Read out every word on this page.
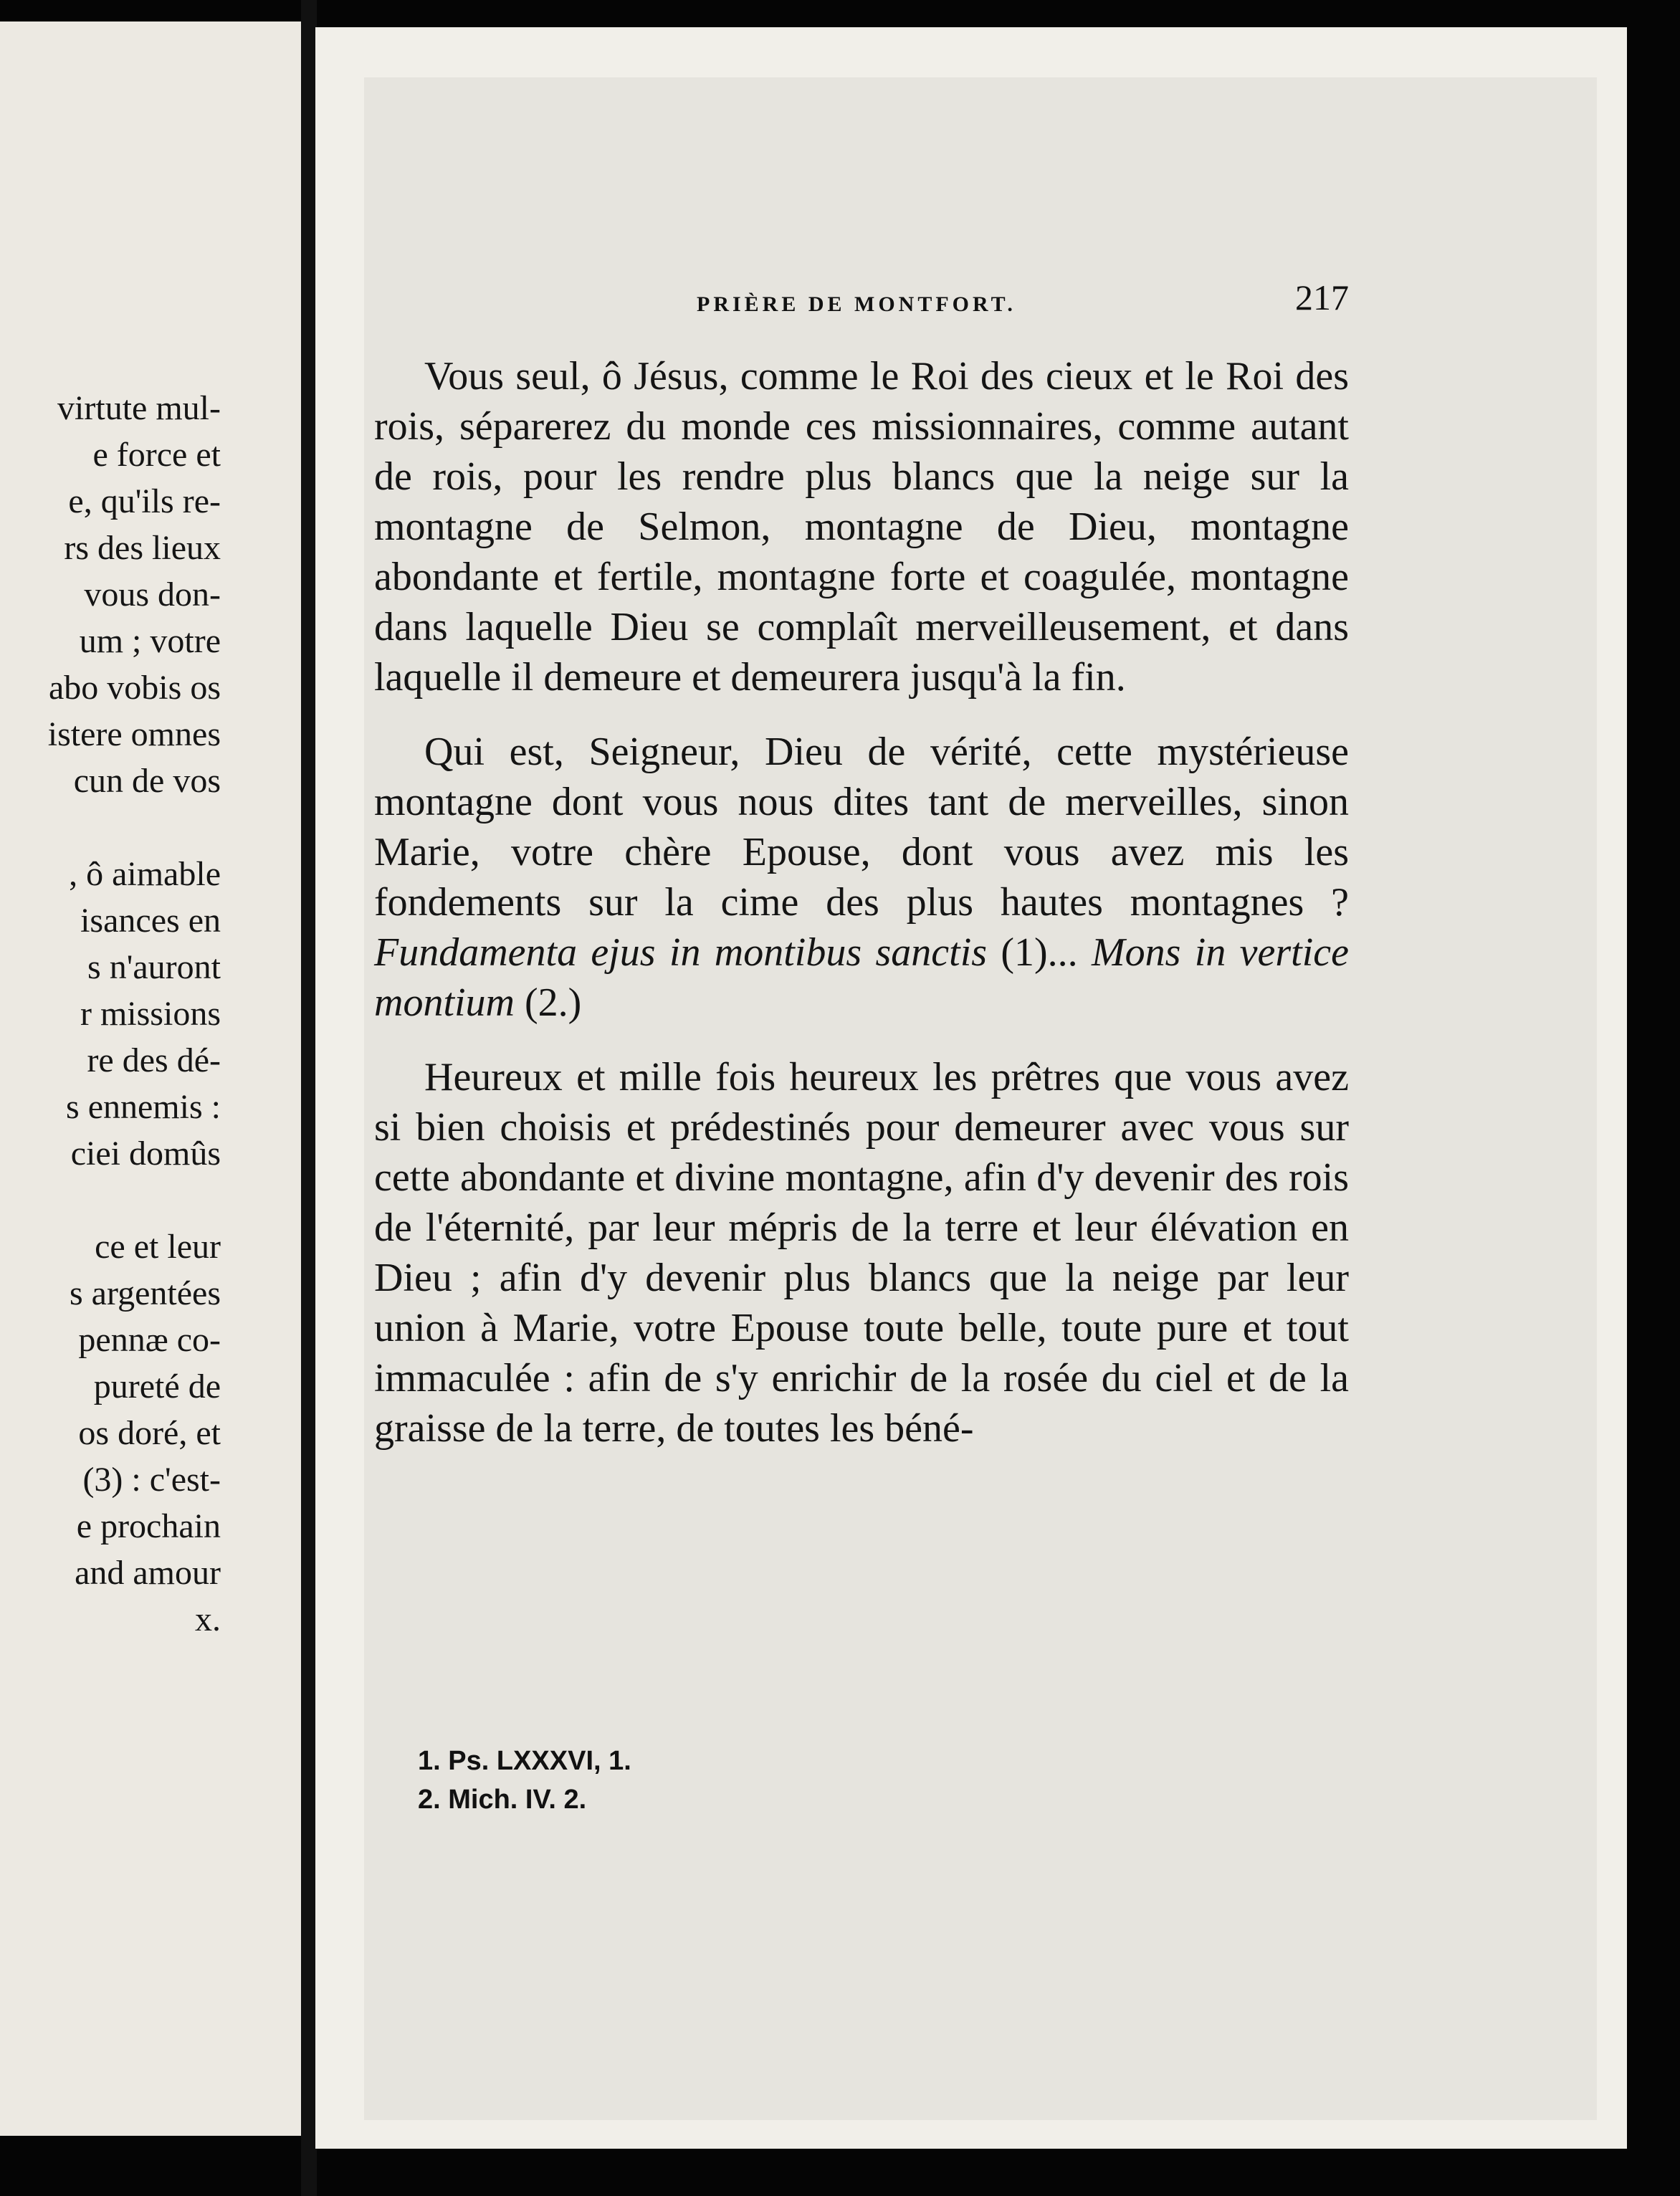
virtute mul-
e force et
e, qu'ils re-
rs des lieux
vous don-
um ; votre
abo vobis os
istere omnes
cun de vos
, ô aimable
isances en
s n'auront
r missions
re des dé-
s ennemis :
ciei domûs
ce et leur
s argentées
pennæ co-
pureté de
os doré, et
(3) : c'est-
e prochain
and amour
x.
PRIÈRE DE MONTFORT.	217

Vous seul, ô Jésus, comme le Roi des cieux et le Roi des rois, séparerez du monde ces missionnaires, comme autant de rois, pour les rendre plus blancs que la neige sur la montagne de Selmon, montagne de Dieu, montagne abondante et fertile, montagne forte et coagulée, montagne dans laquelle Dieu se complaît merveilleusement, et dans laquelle il demeure et demeurera jusqu'à la fin.

Qui est, Seigneur, Dieu de vérité, cette mystérieuse montagne dont vous nous dites tant de merveilles, sinon Marie, votre chère Epouse, dont vous avez mis les fondements sur la cime des plus hautes montagnes ? Fundamenta ejus in montibus sanctis (1)... Mons in vertice montium (2.)

Heureux et mille fois heureux les prêtres que vous avez si bien choisis et prédestinés pour demeurer avec vous sur cette abondante et divine montagne, afin d'y devenir des rois de l'éternité, par leur mépris de la terre et leur élévation en Dieu ; afin d'y devenir plus blancs que la neige par leur union à Marie, votre Epouse toute belle, toute pure et tout immaculée : afin de s'y enrichir de la rosée du ciel et de la graisse de la terre, de toutes les béné-

1. Ps. LXXXVI, 1.
2. Mich. IV. 2.
